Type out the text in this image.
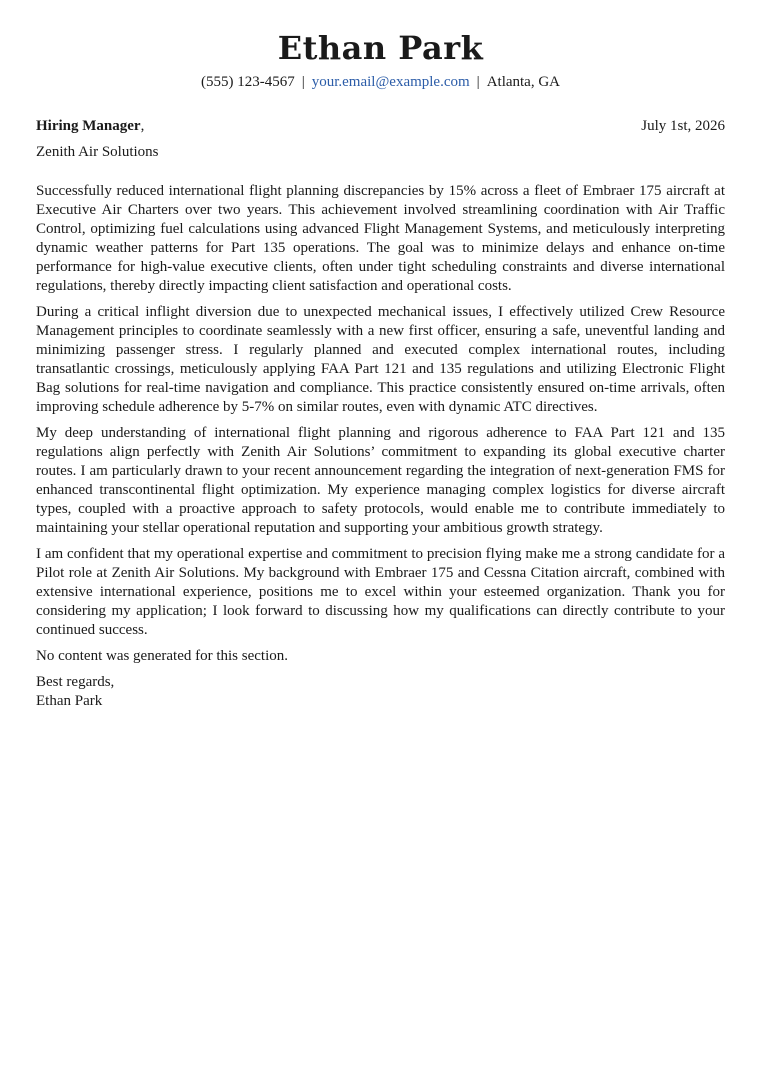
Ethan Park
(555) 123-4567 | your.email@example.com | Atlanta, GA
Hiring Manager,	July 1st, 2026
Zenith Air Solutions

Successfully reduced international flight planning discrepancies by 15% across a fleet of Embraer 175 aircraft at Executive Air Charters over two years. This achievement involved streamlining coordination with Air Traffic Control, optimizing fuel calculations using advanced Flight Management Systems, and meticulously interpreting dynamic weather patterns for Part 135 operations. The goal was to minimize delays and enhance on-time performance for high-value executive clients, often under tight scheduling constraints and diverse international regulations, thereby directly impacting client satisfaction and operational costs.

During a critical inflight diversion due to unexpected mechanical issues, I effectively utilized Crew Resource Management principles to coordinate seamlessly with a new first officer, ensuring a safe, uneventful landing and minimizing passenger stress. I regularly planned and executed complex international routes, including transatlantic crossings, meticulously applying FAA Part 121 and 135 regulations and utilizing Electronic Flight Bag solutions for real-time navigation and compliance. This practice consistently ensured on-time arrivals, often improving schedule adherence by 5-7% on similar routes, even with dynamic ATC directives.

My deep understanding of international flight planning and rigorous adherence to FAA Part 121 and 135 regulations align perfectly with Zenith Air Solutions’ commitment to expanding its global executive charter routes. I am particularly drawn to your recent announcement regarding the integration of next-generation FMS for enhanced transcontinental flight optimization. My experience managing complex logistics for diverse aircraft types, coupled with a proactive approach to safety protocols, would enable me to contribute immediately to maintaining your stellar operational reputation and supporting your ambitious growth strategy.

I am confident that my operational expertise and commitment to precision flying make me a strong candidate for a Pilot role at Zenith Air Solutions. My background with Embraer 175 and Cessna Citation aircraft, combined with extensive international experience, positions me to excel within your esteemed organization. Thank you for considering my application; I look forward to discussing how my qualifications can directly contribute to your continued success.

No content was generated for this section.

Best regards,
Ethan Park
